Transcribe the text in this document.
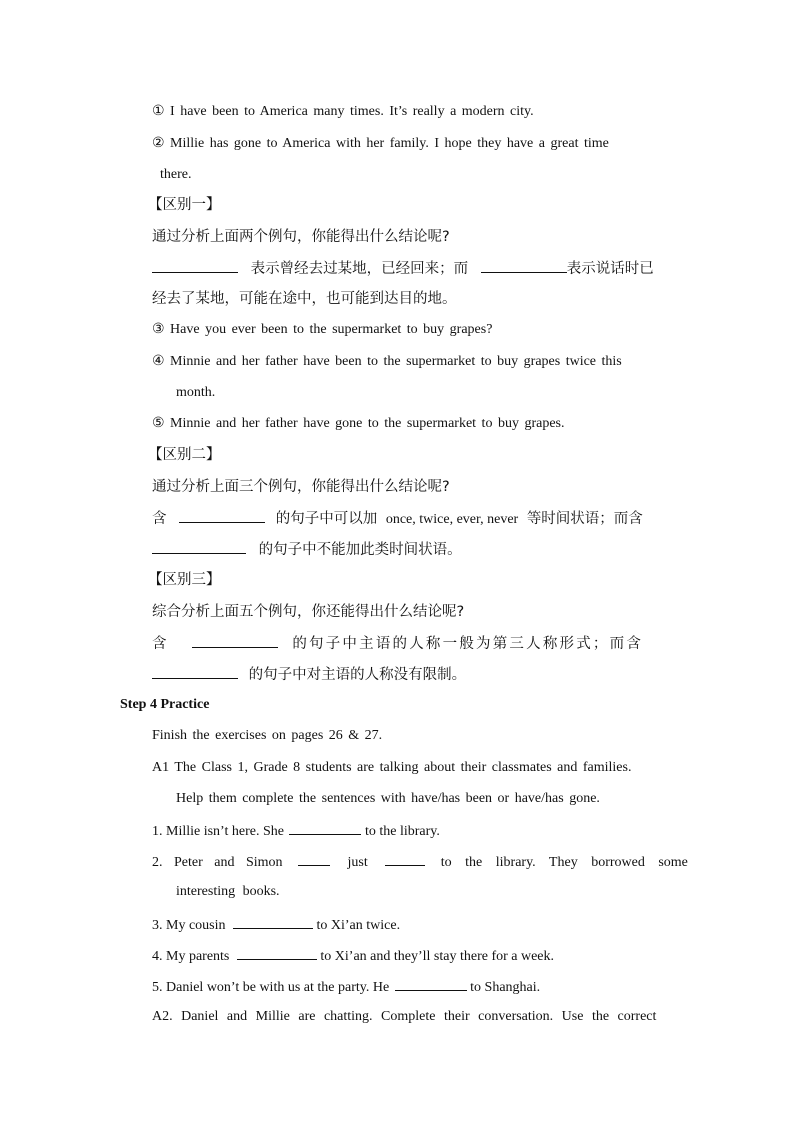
① I have been to America many times. It’s really a modern city.
② Millie has gone to America with her family. I hope they have a great time
there.
【区别一】
通过分析上面两个例句，你能得出什么结论呢?
表示曾经去过某地，已经回来；而	表示说话时已
经去了某地，可能在途中，也可能到达目的地。
③ Have you ever been to the supermarket to buy grapes?
④ Minnie and her father have been to the supermarket to buy grapes twice this
month.
⑤ Minnie and her father have gone to the supermarket to buy grapes.
【区别二】
通过分析上面三个例句，你能得出什么结论呢?
含	的句子中可以加 once, twice, ever, never 等时间状语；而含
的句子中不能加此类时间状语。
【区别三】
综合分析上面五个例句，你还能得出什么结论呢?
含	的句子中主语的人称一般为第三人称形式；而含
的句子中对主语的人称没有限制。
Step 4 Practice
Finish the exercises on pages 26 & 27.
A1 The Class 1, Grade 8 students are talking about their classmates and families.
Help them complete the sentences with have/has been or have/has gone.
1. Millie isn’t here. She	to the library.
2. Peter and Simon	just	to the library. They borrowed some
interesting books.
3. My cousin	to Xi’an twice.
4. My parents	to Xi’an and they’ll stay there for a week.
5. Daniel won’t be with us at the party. He	to Shanghai.
A2. Daniel and Millie are chatting. Complete their conversation. Use the correct
